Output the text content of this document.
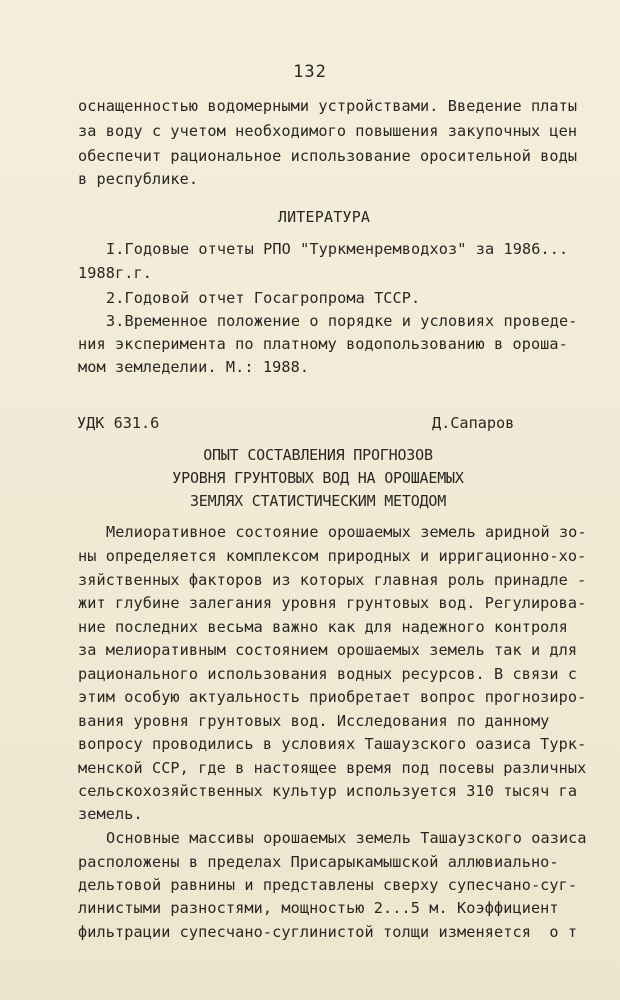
132
оснащенностью водомерными устройствами. Введение платы
за воду с учетом необходимого повышения закупочных цен
обеспечит рациональное использование оросительной воды
в республике.
ЛИТЕРАТУРА
I.Годовые отчеты РПО "Туркменремводхоз" за 1986...
1988г.г.
2.Годовой отчет Госагропрома ТССР.
3.Временное положение о порядке и условиях проведе-
ния эксперимента по платному водопользованию в ороша-
мом земледелии. М.: 1988.
УДК 631.6	Д.Сапаров
ОПЫТ СОСТАВЛЕНИЯ ПРОГНОЗОВ
УРОВНЯ ГРУНТОВЫХ ВОД НА ОРОШАЕМЫХ
ЗЕМЛЯХ СТАТИСТИЧЕСКИМ МЕТОДОМ
Мелиоративное состояние орошаемых земель аридной зо-
ны определяется комплексом природных и ирригационно-хо-
зяйственных факторов из которых главная роль принадле -
жит глубине залегания уровня грунтовых вод. Регулирова-
ние последних весьма важно как для надежного контроля
за мелиоративным состоянием орошаемых земель так и для
рационального использования водных ресурсов. В связи с
этим особую актуальность приобретает вопрос прогнозиро-
вания уровня грунтовых вод. Исследования по данному
вопросу проводились в условиях Ташаузского оазиса Турк-
менской ССР, где в настоящее время под посевы различных
сельскохозяйственных культур используется 310 тысяч га
земель.
Основные массивы орошаемых земель Ташаузского оазиса
расположены в пределах Присарыкамышской аллювиально-
дельтовой равнины и представлены сверху супесчано-суг-
линистыми разностями, мощностью 2...5 м. Коэффициент
фильтрации супесчано-суглинистой толщи изменяется  о т
